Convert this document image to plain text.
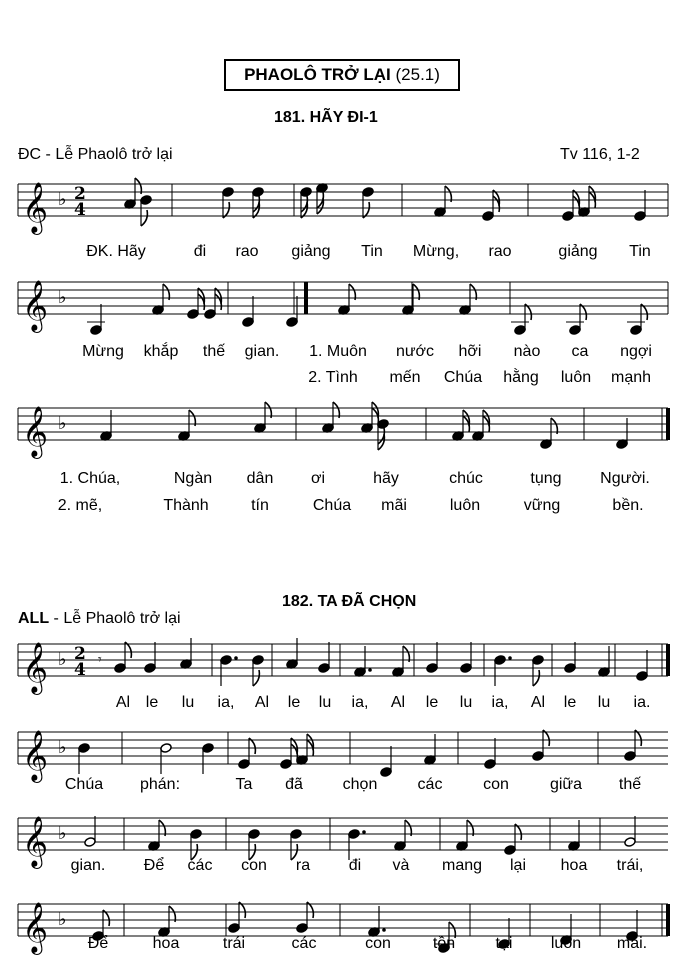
PHAOLÔ TRỞ LẠI
(25.1)
181. HÃY ĐI-1
ĐC - Lễ Phaolô trở lại	Tv 116, 1-2
𝄞 ♭ 2
4
𝄞 ♭
𝄞 ♭
ĐK. Hãy	đi rao giảng Tin Mừng, rao	giảng Tin
Mừng khắp thế gian. 1. Muôn nước hỡi nào ca ngợi
2. Tình mến Chúa hằng luôn mạnh
1. Chúa,	Ngàn dân ơi	hãy	chúc	tụng Người.
2. mẽ,	Thành	tín	Chúa mãi	luôn	vững	bền.
182. TA ĐÃ CHỌN
ALL - Lễ Phaolô trở lại
𝄞 ♭ 2
4 𝄾
𝄞 ♭
𝄞 ♭
𝄞 ♭
Al le lu ia, Al le lu ia, Al le lu ia, Al le lu ia.
Chúa phán:	Ta đã chọn	các	con	giữa thế
gian. Để các con ra đi và mang lại hoa trái,
Để	hoa	trái	các	con	tồn	tại luôn mãi.
